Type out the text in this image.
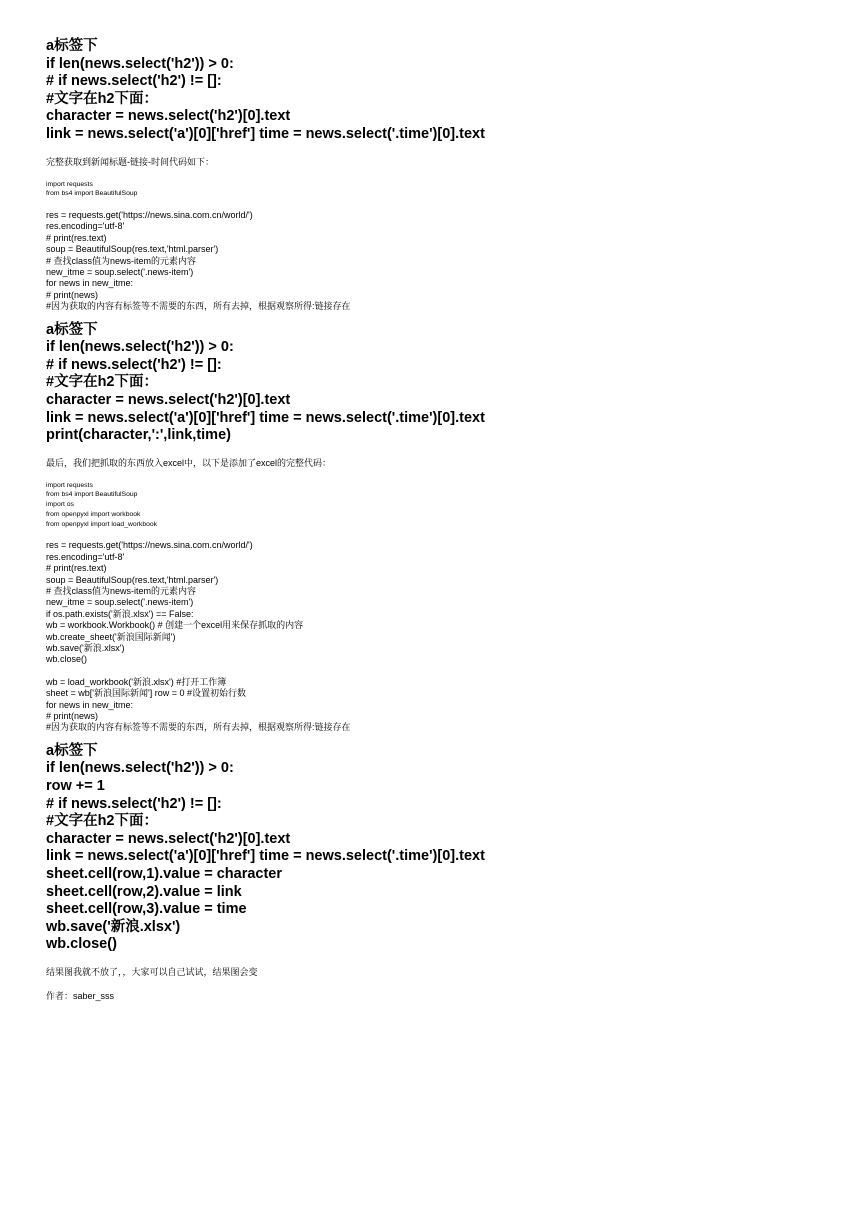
a标签下

if len(news.select('h2')) > 0:

# if news.select('h2') != []:

#文字在h2下面：

character = news.select('h2')[0].text

link = news.select('a')[0]['href'] time = news.select('.time')[0].text

完整获取到新闻标题-链接-时间代码如下：

import requests

from bs4 import BeautifulSoup

res = requests.get('https://news.sina.com.cn/world/')

res.encoding='utf-8'

# print(res.text)

soup = BeautifulSoup(res.text,'html.parser')

# 查找class值为news-item的元素内容

new_itme = soup.select('.news-item')

for news in new_itme:

# print(news)

#因为获取的内容有标签等不需要的东西，所有去掉，根据观察所得:链接存在

a标签下

if len(news.select('h2')) > 0:

# if news.select('h2') != []:

#文字在h2下面：

character = news.select('h2')[0].text

link = news.select('a')[0]['href'] time = news.select('.time')[0].text

print(character,':',link,time)

最后，我们把抓取的东西放入excel中，以下是添加了excel的完整代码：

import requests

from bs4 import BeautifulSoup

import os

from openpyxl import workbook

from openpyxl import load_workbook

res = requests.get('https://news.sina.com.cn/world/')

res.encoding='utf-8'

# print(res.text)

soup = BeautifulSoup(res.text,'html.parser')

# 查找class值为news-item的元素内容

new_itme = soup.select('.news-item')

if os.path.exists('新浪.xlsx') == False:

wb = workbook.Workbook() # 创建一个excel用来保存抓取的内容

wb.create_sheet('新浪国际新闻')

wb.save('新浪.xlsx')

wb.close()

wb = load_workbook('新浪.xlsx') #打开工作簿

sheet = wb['新浪国际新闻'] row = 0 #设置初始行数

for news in new_itme:

# print(news)

#因为获取的内容有标签等不需要的东西，所有去掉，根据观察所得:链接存在

a标签下

if len(news.select('h2')) > 0:

row += 1

# if news.select('h2') != []:

#文字在h2下面：

character = news.select('h2')[0].text

link = news.select('a')[0]['href'] time = news.select('.time')[0].text

sheet.cell(row,1).value = character

sheet.cell(row,2).value = link

sheet.cell(row,3).value = time

wb.save('新浪.xlsx')

wb.close()

结果图我就不放了，，大家可以自己试试，结果图会变

作者：saber_sss
